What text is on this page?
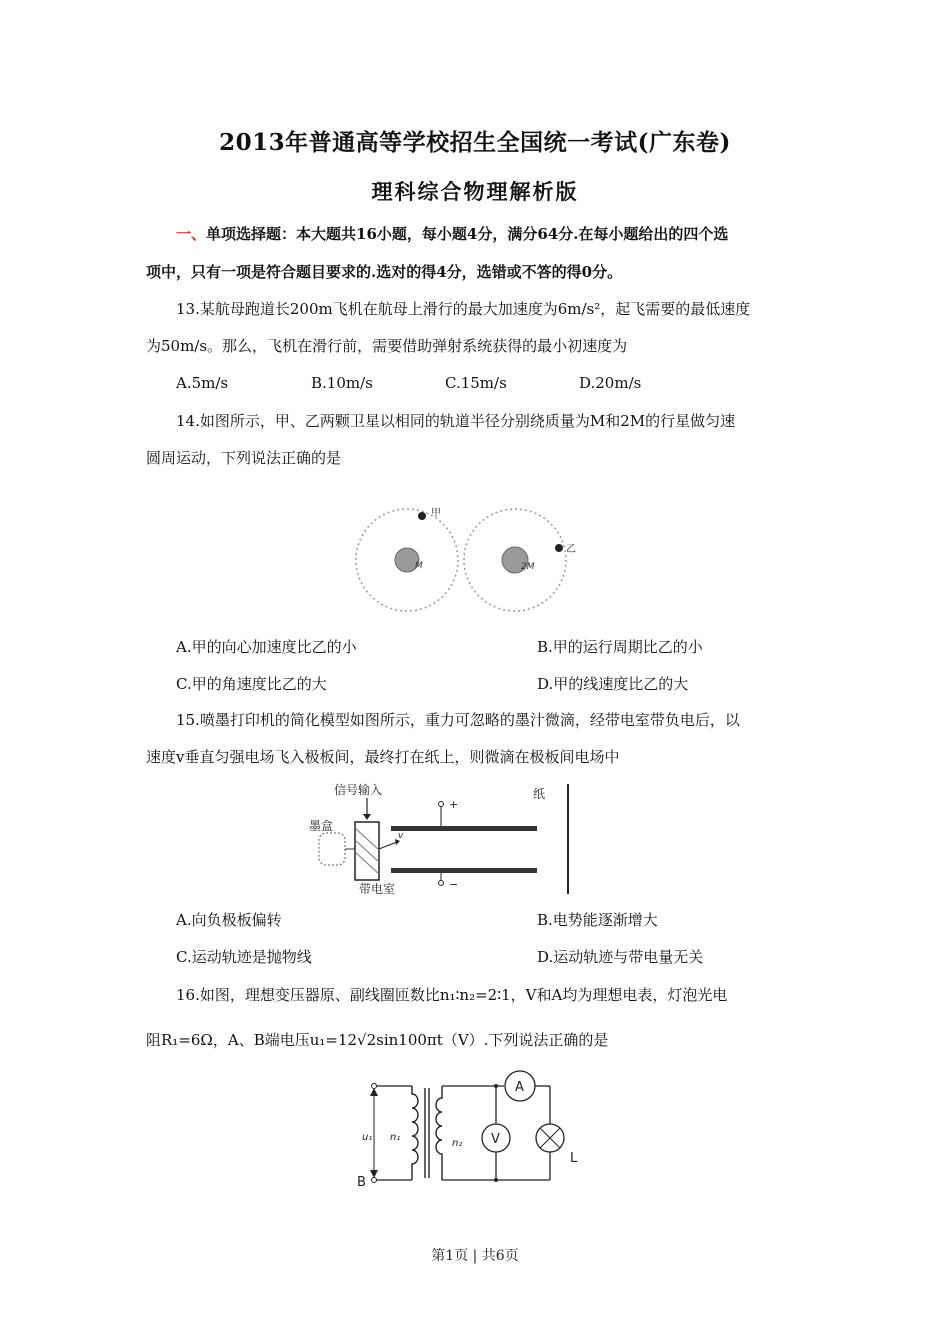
2013年普通高等学校招生全国统一考试(广东卷)
理科综合物理解析版
一、单项选择题：本大题共16小题，每小题4分，满分64分.在每小题给出的四个选
项中，只有一项是符合题目要求的.选对的得4分，选错或不答的得0分。
13.某航母跑道长200m飞机在航母上滑行的最大加速度为6m/s²，起飞需要的最低速度
为50m/s。那么，飞机在滑行前，需要借助弹射系统获得的最小初速度为
A.5m/s	B.10m/s	C.15m/s	D.20m/s
14.如图所示，甲、乙两颗卫星以相同的轨道半径分别绕质量为M和2M的行星做匀速
圆周运动，下列说法正确的是
甲
M
乙
2M
A.甲的向心加速度比乙的小	B.甲的运行周期比乙的小
C.甲的角速度比乙的大	D.甲的线速度比乙的大
15.喷墨打印机的简化模型如图所示，重力可忽略的墨汁微滴，经带电室带负电后，以
速度v垂直匀强电场飞入极板间，最终打在纸上，则微滴在极板间电场中
信号输入
墨盒
v
带电室
+
−
纸
A.向负极板偏转	B.电势能逐渐增大
C.运动轨迹是抛物线	D.运动轨迹与带电量无关
16.如图，理想变压器原、副线圈匝数比n₁∶n₂=2∶1，V和A均为理想电表，灯泡光电
阻R₁=6Ω，A、B端电压u₁=12√2sin100πt（V）.下列说法正确的是
B
u₁ n₁
n₂
A
L
V
第1页 | 共6页
